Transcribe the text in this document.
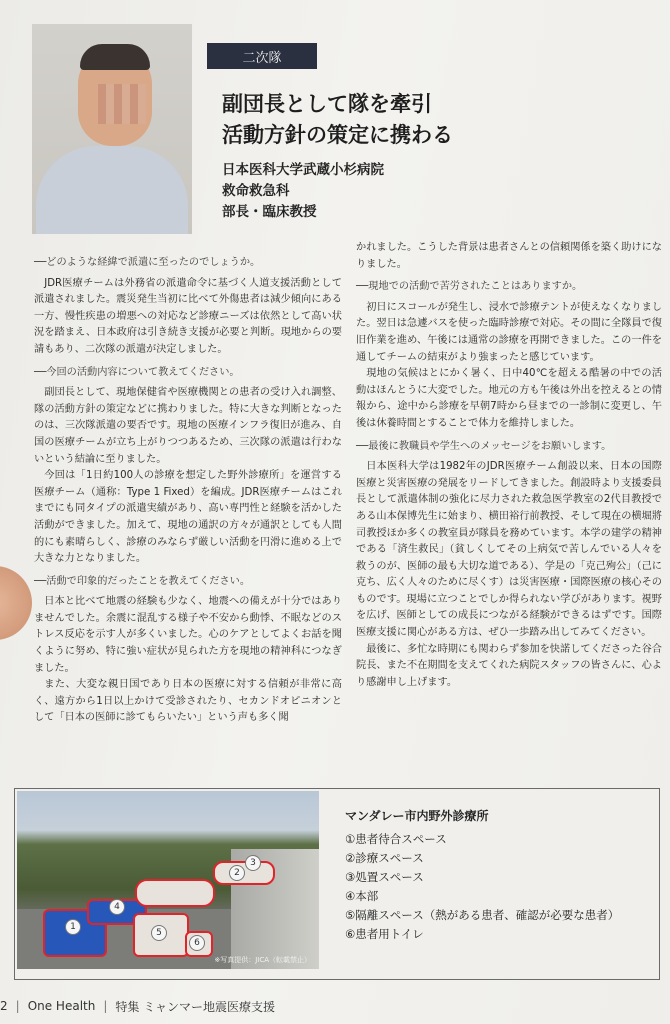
二次隊
副団長として隊を牽引
活動方針の策定に携わる
日本医科大学武蔵小杉病院
救命救急科
部長・臨床教授

──どのような経緯で派遣に至ったのでしょうか。

JDR医療チームは外務省の派遣命令に基づく人道支援活動として派遣されました。震災発生当初に比べて外傷患者は減少傾向にある一方、慢性疾患の増悪への対応など診療ニーズは依然として高い状況を踏まえ、日本政府は引き続き支援が必要と判断。現地からの要請もあり、二次隊の派遣が決定しました。

──今回の活動内容について教えてください。

副団長として、現地保健省や医療機関との患者の受け入れ調整、隊の活動方針の策定などに携わりました。特に大きな判断となったのは、三次隊派遣の要否です。現地の医療インフラ復旧が進み、自国の医療チームが立ち上がりつつあるため、三次隊の派遣は行わないという結論に至りました。

今回は「1日約100人の診療を想定した野外診療所」を運営する医療チーム（通称：Type 1 Fixed）を編成。JDR医療チームはこれまでにも同タイプの派遣実績があり、高い専門性と経験を活かした活動ができました。加えて、現地の通訳の方々が通訳としても人間的にも素晴らしく、診療のみならず厳しい活動を円滑に進める上で大きな力となりました。

──活動で印象的だったことを教えてください。

日本と比べて地震の経験も少なく、地震への備えが十分ではありませんでした。余震に混乱する様子や不安から動悸、不眠などのストレス反応を示す人が多くいました。心のケアとしてよくお話を聞くように努め、特に強い症状が見られた方を現地の精神科につなぎました。

また、大変な親日国であり日本の医療に対する信頼が非常に高く、遠方から1日以上かけて受診されたり、セカンドオピニオンとして「日本の医師に診てもらいたい」という声も多く聞

かれました。こうした背景は患者さんとの信頼関係を築く助けになりました。

──現地での活動で苦労されたことはありますか。

初日にスコールが発生し、浸水で診療テントが使えなくなりました。翌日は急遽バスを使った臨時診療で対応。その間に全隊員で復旧作業を進め、午後には通常の診療を再開できました。この一件を通してチームの結束がより強まったと感じています。

現地の気候はとにかく暑く、日中40℃を超える酷暑の中での活動はほんとうに大変でした。地元の方も午後は外出を控えるとの情報から、途中から診療を早朝7時から昼までの一診制に変更し、午後は休養時間とすることで体力を維持しました。

──最後に教職員や学生へのメッセージをお願いします。

日本医科大学は1982年のJDR医療チーム創設以来、日本の国際医療と災害医療の発展をリードしてきました。創設時より支援委員長として派遣体制の強化に尽力された救急医学教室の2代目教授である山本保博先生に始まり、横田裕行前教授、そして現在の横堀將司教授ほか多くの教室員が隊員を務めています。本学の建学の精神である「済生救民」（貧しくしてその上病気で苦しんでいる人々を救うのが、医師の最も大切な道である）、学是の「克己殉公」（己に克ち、広く人々のために尽くす）は災害医療・国際医療の核心そのものです。現場に立つことでしか得られない学びがあります。視野を広げ、医師としての成長につながる経験ができるはずです。国際医療支援に関心がある方は、ぜひ一歩踏み出してみてください。

最後に、多忙な時期にも関わらず参加を快諾してくださった谷合院長、また不在期間を支えてくれた病院スタッフの皆さんに、心より感謝申し上げます。

1
2
3
4
5
6
※写真提供：JICA（転載禁止）
マンダレー市内野外診療所
①患者待合スペース
②診療スペース
③処置スペース
④本部
⑤隔離スペース（熱がある患者、確認が必要な患者）
⑥患者用トイレ
2 | One Health | 特集 ミャンマー地震医療支援
